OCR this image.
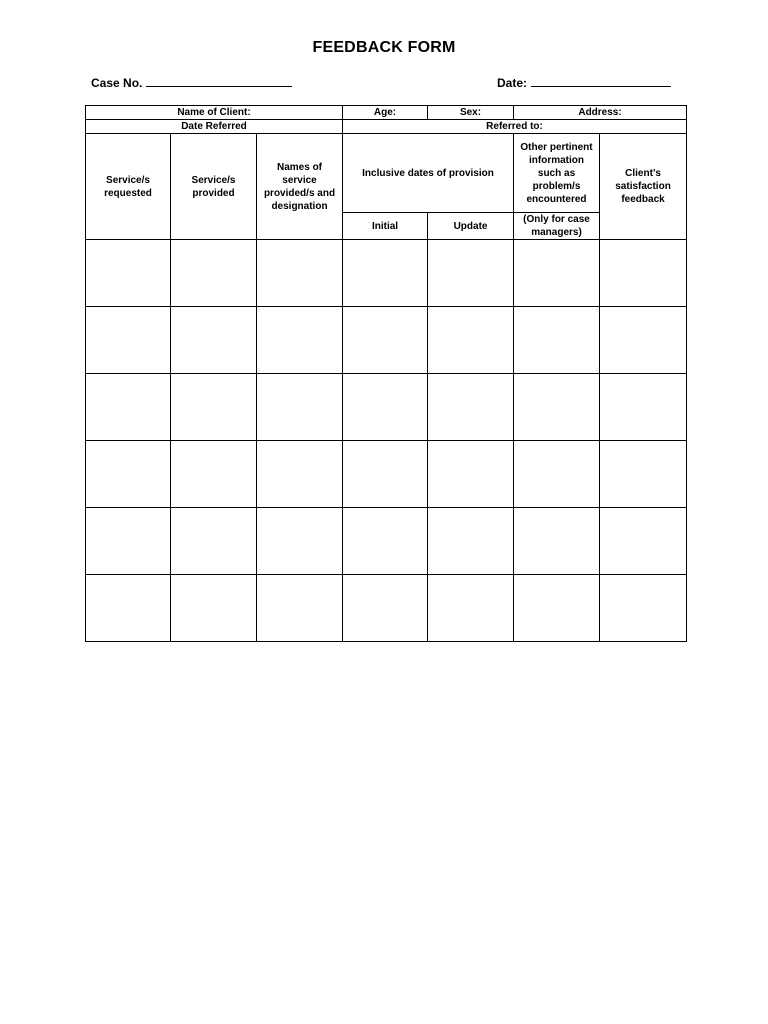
FEEDBACK FORM
Case No.	Date:
Name of Client:			Age:	Sex:	Address:	
Date Referred			Referred to:			
Service/s requested	Service/s provided	Names of service provided/s and designation	Inclusive dates of provision		Other pertinent information such as problem/s encountered	Client’s satisfaction feedback
			Initial	Update	(Only for case managers)	
